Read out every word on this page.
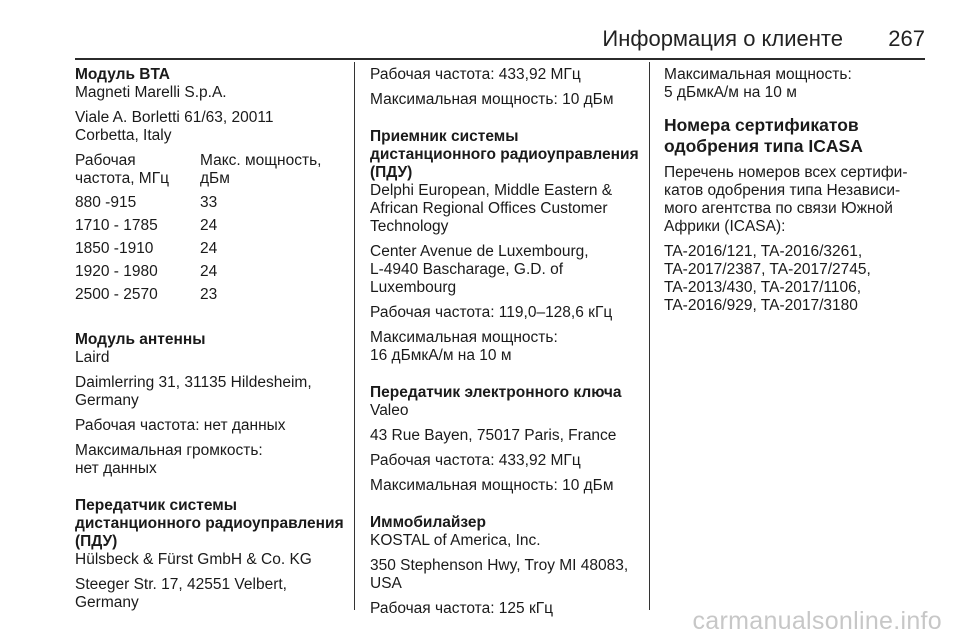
Информация о клиенте 267
Модуль BTA

Magneti Marelli S.p.A.

Viale A. Borletti 61/63, 20011
Corbetta, Italy

Рабочая
частота, МГц	Макс. мощность,
дБм
880 -915	33
1710 - 1785	24
1850 -1910	24
1920 - 1980	24
2500 - 2570	23
Модуль антенны

Laird

Daimlerring 31, 31135 Hildesheim,
Germany

Рабочая частота: нет данных

Максимальная громкость:
нет данных

Передатчик системы
дистанционного радиоуправления
(ПДУ)

Hülsbeck & Fürst GmbH & Co. KG

Steeger Str. 17, 42551 Velbert,
Germany

Рабочая частота: 433,92 МГц

Максимальная мощность: 10 дБм

Приемник системы
дистанционного радиоуправления
(ПДУ)

Delphi European, Middle Eastern &
African Regional Offices Customer
Technology

Center Avenue de Luxembourg,
L-4940 Bascharage, G.D. of
Luxembourg

Рабочая частота: 119,0–128,6 кГц

Максимальная мощность:
16 дБмкА/м на 10 м

Передатчик электронного ключа

Valeo

43 Rue Bayen, 75017 Paris, France

Рабочая частота: 433,92 МГц

Максимальная мощность: 10 дБм

Иммобилайзер

KOSTAL of America, Inc.

350 Stephenson Hwy, Troy MI 48083,
USA

Рабочая частота: 125 кГц

Максимальная мощность:
5 дБмкА/м на 10 м

Номера сертификатов
одобрения типа ICASA

Перечень номеров всех сертифи-
катов одобрения типа Независи-
мого агентства по связи Южной
Африки (ICASA):

TA-2016/121, TA-2016/3261,
TA-2017/2387, TA-2017/2745,
TA-2013/430, TA-2017/1106,
TA-2016/929, TA-2017/3180

carmanualsonline.info
